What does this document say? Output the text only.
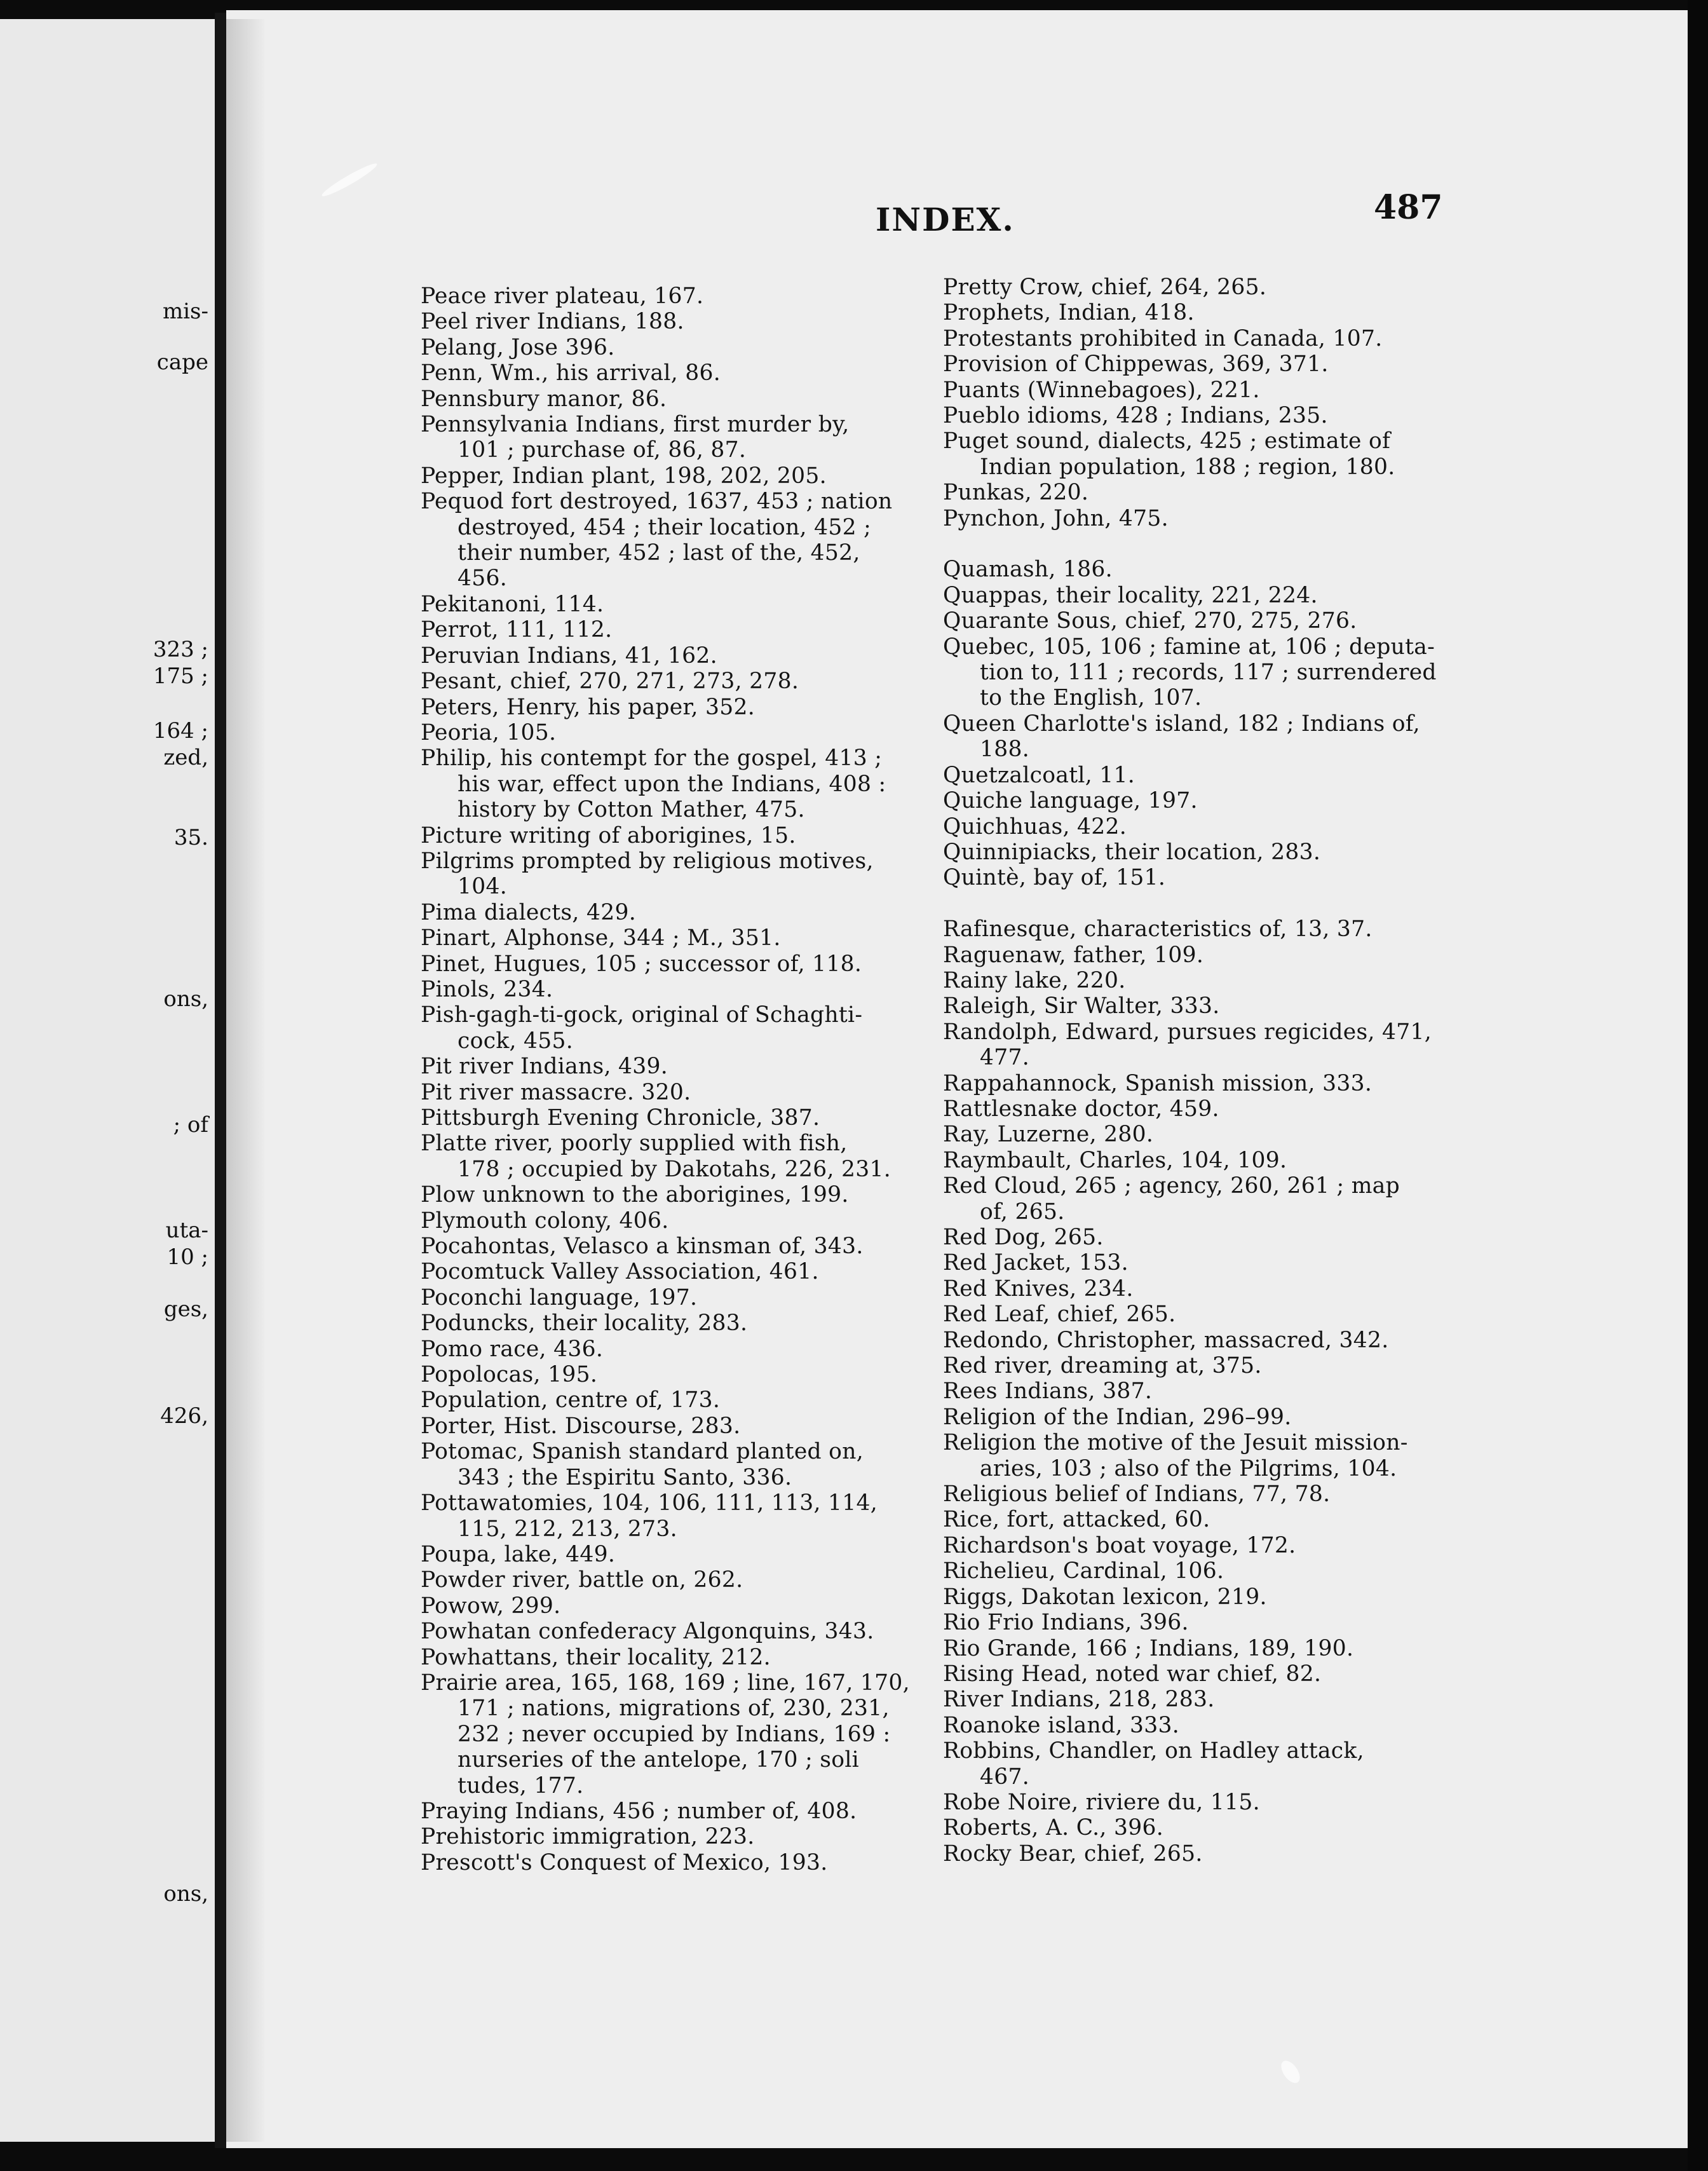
mis-
cape
323 ;
175 ;
164 ;
zed,
35.
ons,
; of
uta-
10 ;
ges,
426,
ons,
INDEX.	487
Peace river plateau, 167.
Peel river Indians, 188.
Pelang, Jose 396.
Penn, Wm., his arrival, 86.
Pennsbury manor, 86.
Pennsylvania Indians, first murder by,
101 ; purchase of, 86, 87.
Pepper, Indian plant, 198, 202, 205.
Pequod fort destroyed, 1637, 453 ; nation
destroyed, 454 ; their location, 452 ;
their number, 452 ; last of the, 452,
456.
Pekitanoni, 114.
Perrot, 111, 112.
Peruvian Indians, 41, 162.
Pesant, chief, 270, 271, 273, 278.
Peters, Henry, his paper, 352.
Peoria, 105.
Philip, his contempt for the gospel, 413 ;
his war, effect upon the Indians, 408 :
history by Cotton Mather, 475.
Picture writing of aborigines, 15.
Pilgrims prompted by religious motives,
104.
Pima dialects, 429.
Pinart, Alphonse, 344 ; M., 351.
Pinet, Hugues, 105 ; successor of, 118.
Pinols, 234.
Pish-gagh-ti-gock, original of Schaghti-
cock, 455.
Pit river Indians, 439.
Pit river massacre. 320.
Pittsburgh Evening Chronicle, 387.
Platte river, poorly supplied with fish,
178 ; occupied by Dakotahs, 226, 231.
Plow unknown to the aborigines, 199.
Plymouth colony, 406.
Pocahontas, Velasco a kinsman of, 343.
Pocomtuck Valley Association, 461.
Poconchi language, 197.
Poduncks, their locality, 283.
Pomo race, 436.
Popolocas, 195.
Population, centre of, 173.
Porter, Hist. Discourse, 283.
Potomac, Spanish standard planted on,
343 ; the Espiritu Santo, 336.
Pottawatomies, 104, 106, 111, 113, 114,
115, 212, 213, 273.
Poupa, lake, 449.
Powder river, battle on, 262.
Powow, 299.
Powhatan confederacy Algonquins, 343.
Powhattans, their locality, 212.
Prairie area, 165, 168, 169 ; line, 167, 170,
171 ; nations, migrations of, 230, 231,
232 ; never occupied by Indians, 169 :
nurseries of the antelope, 170 ; soli
tudes, 177.
Praying Indians, 456 ; number of, 408.
Prehistoric immigration, 223.
Prescott's Conquest of Mexico, 193.
Pretty Crow, chief, 264, 265.
Prophets, Indian, 418.
Protestants prohibited in Canada, 107.
Provision of Chippewas, 369, 371.
Puants (Winnebagoes), 221.
Pueblo idioms, 428 ; Indians, 235.
Puget sound, dialects, 425 ; estimate of
Indian population, 188 ; region, 180.
Punkas, 220.
Pynchon, John, 475.
Quamash, 186.
Quappas, their locality, 221, 224.
Quarante Sous, chief, 270, 275, 276.
Quebec, 105, 106 ; famine at, 106 ; deputa-
tion to, 111 ; records, 117 ; surrendered
to the English, 107.
Queen Charlotte's island, 182 ; Indians of,
188.
Quetzalcoatl, 11.
Quiche language, 197.
Quichhuas, 422.
Quinnipiacks, their location, 283.
Quintè, bay of, 151.
Rafinesque, characteristics of, 13, 37.
Raguenaw, father, 109.
Rainy lake, 220.
Raleigh, Sir Walter, 333.
Randolph, Edward, pursues regicides, 471,
477.
Rappahannock, Spanish mission, 333.
Rattlesnake doctor, 459.
Ray, Luzerne, 280.
Raymbault, Charles, 104, 109.
Red Cloud, 265 ; agency, 260, 261 ; map
of, 265.
Red Dog, 265.
Red Jacket, 153.
Red Knives, 234.
Red Leaf, chief, 265.
Redondo, Christopher, massacred, 342.
Red river, dreaming at, 375.
Rees Indians, 387.
Religion of the Indian, 296–99.
Religion the motive of the Jesuit mission-
aries, 103 ; also of the Pilgrims, 104.
Religious belief of Indians, 77, 78.
Rice, fort, attacked, 60.
Richardson's boat voyage, 172.
Richelieu, Cardinal, 106.
Riggs, Dakotan lexicon, 219.
Rio Frio Indians, 396.
Rio Grande, 166 ; Indians, 189, 190.
Rising Head, noted war chief, 82.
River Indians, 218, 283.
Roanoke island, 333.
Robbins, Chandler, on Hadley attack,
467.
Robe Noire, riviere du, 115.
Roberts, A. C., 396.
Rocky Bear, chief, 265.
